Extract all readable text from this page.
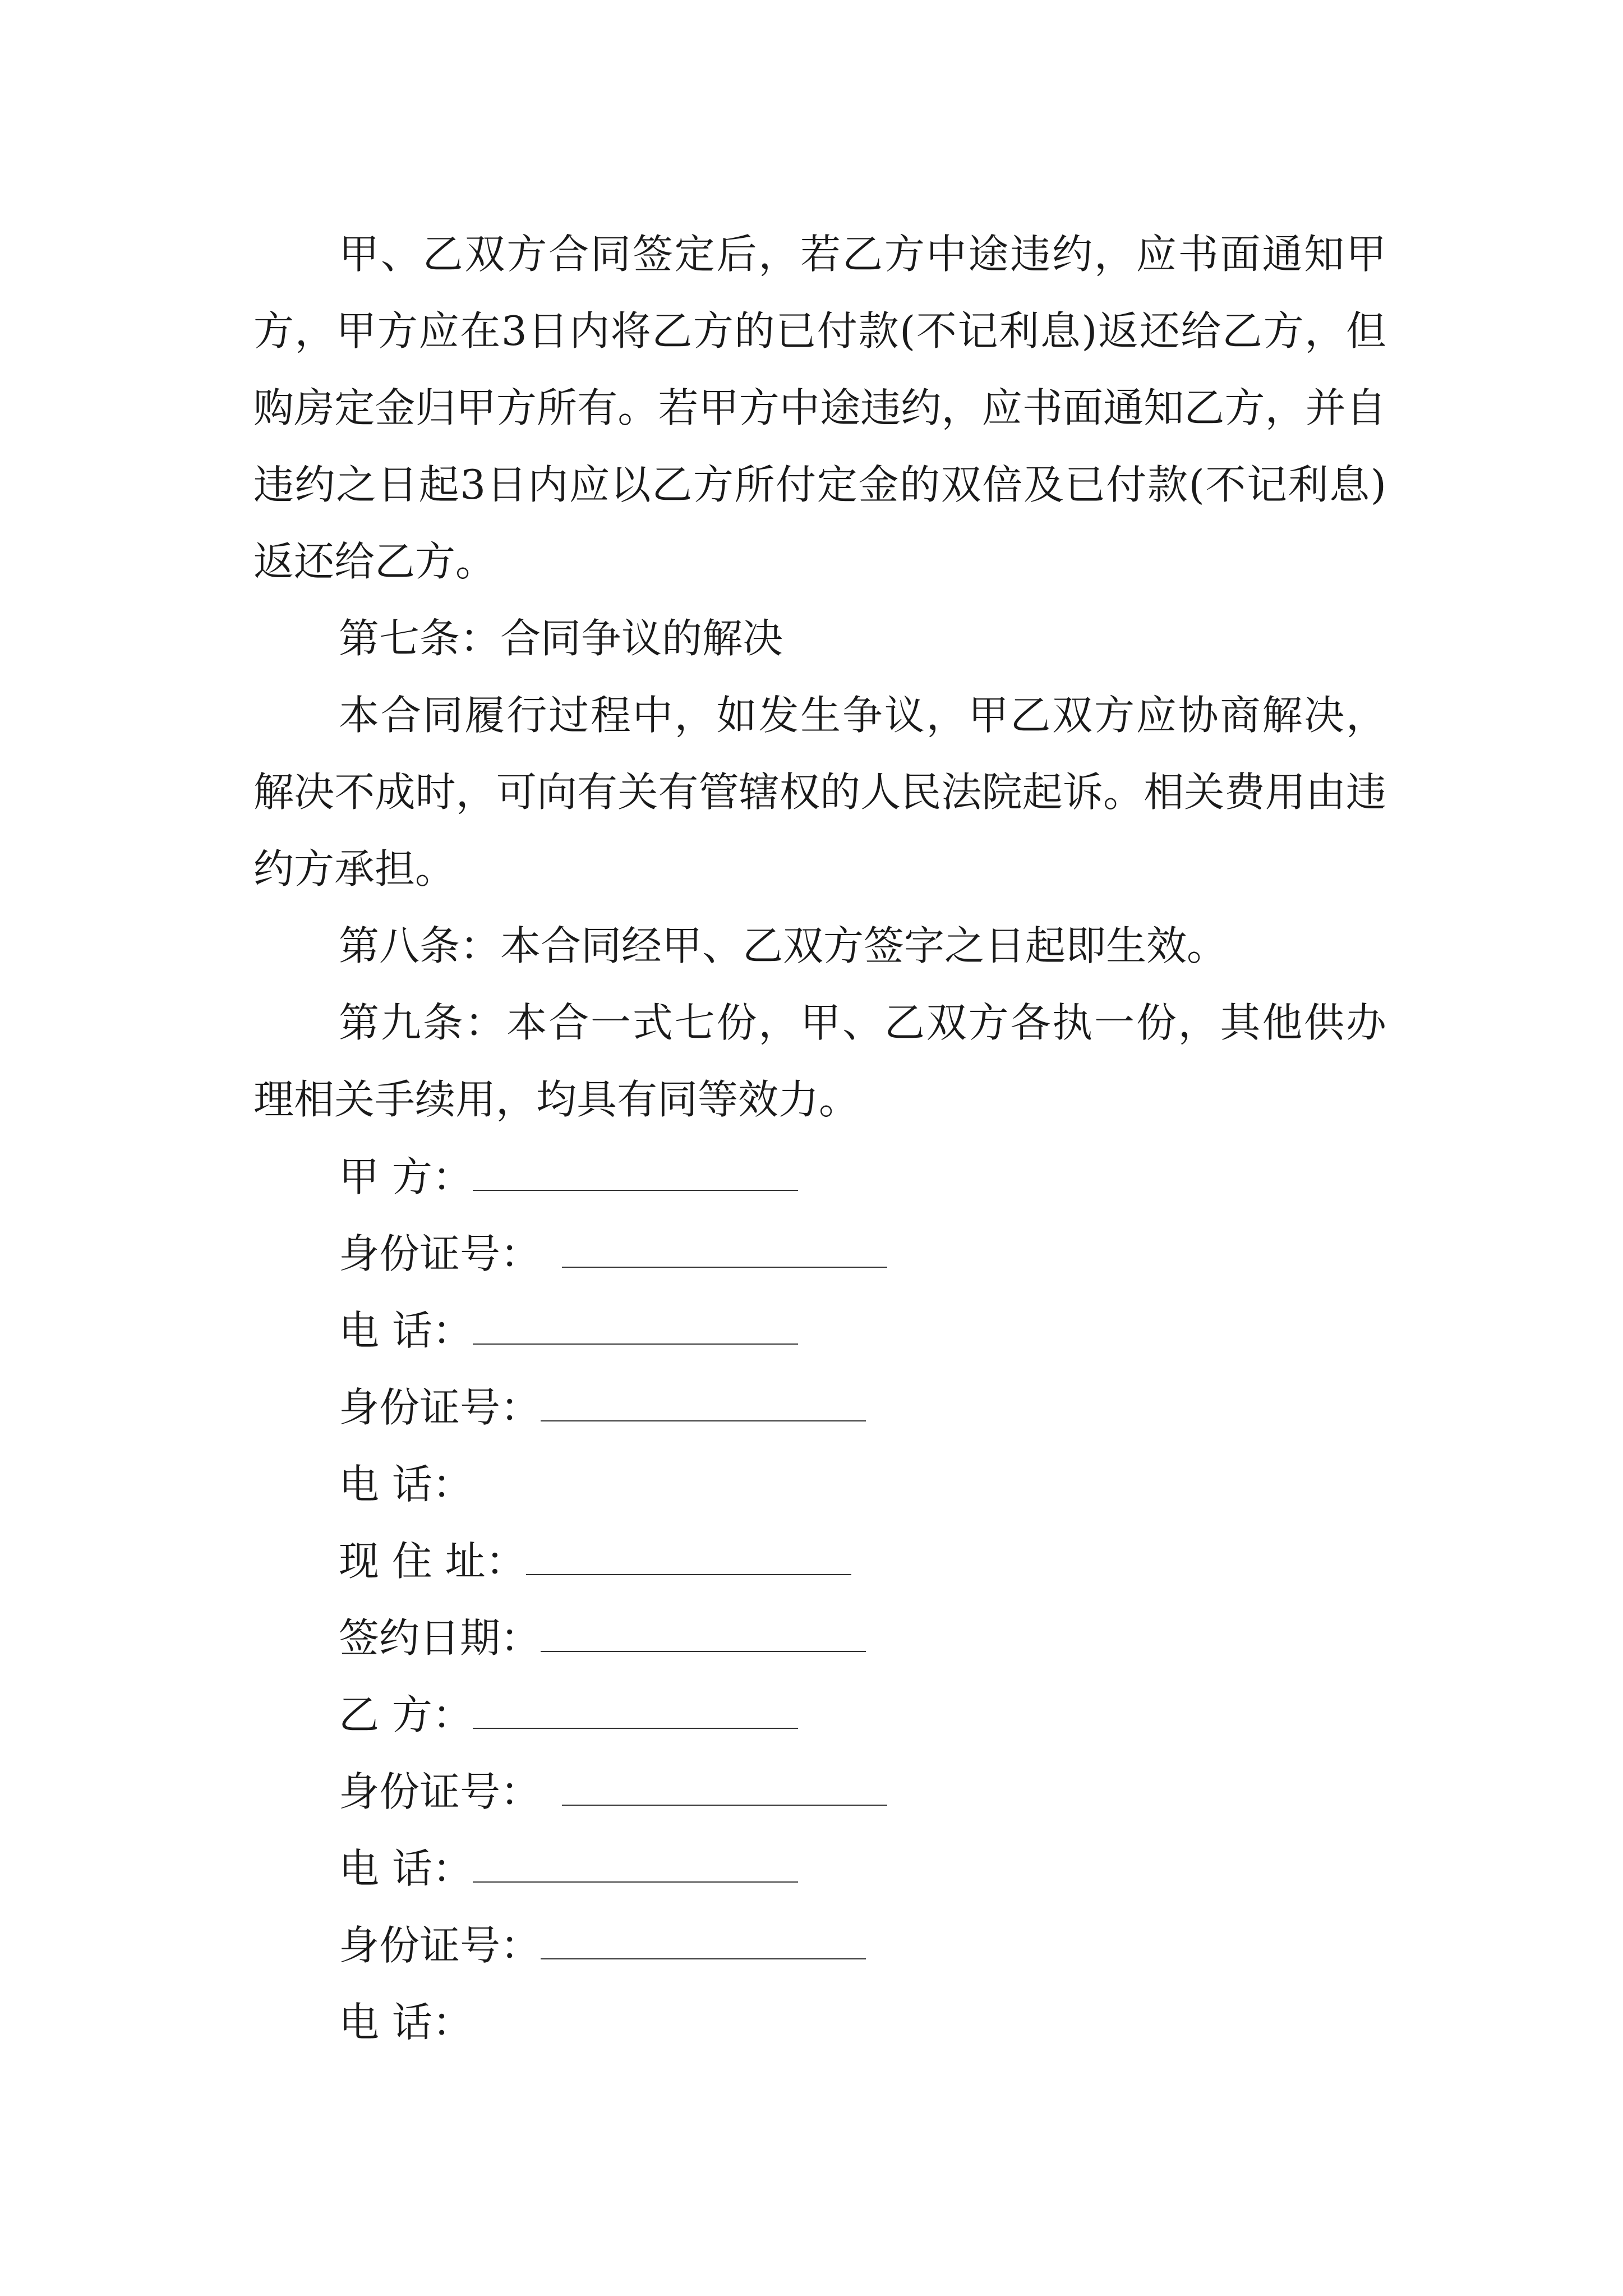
甲、乙双方合同签定后，若乙方中途违约，应书面通知甲方，甲方应在3日内将乙方的已付款(不记利息)返还给乙方，但购房定金归甲方所有。若甲方中途违约，应书面通知乙方，并自违约之日起3日内应以乙方所付定金的双倍及已付款(不记利息)返还给乙方。

第七条：合同争议的解决

本合同履行过程中，如发生争议，甲乙双方应协商解决，解决不成时，可向有关有管辖权的人民法院起诉。相关费用由违约方承担。

第八条：本合同经甲、乙双方签字之日起即生效。

第九条：本合一式七份，甲、乙双方各执一份，其他供办理相关手续用，均具有同等效力。

甲 方：
身份证号：
电 话：
身份证号：
电 话：
现 住 址：
签约日期：
乙 方：
身份证号：
电 话：
身份证号：
电 话：
